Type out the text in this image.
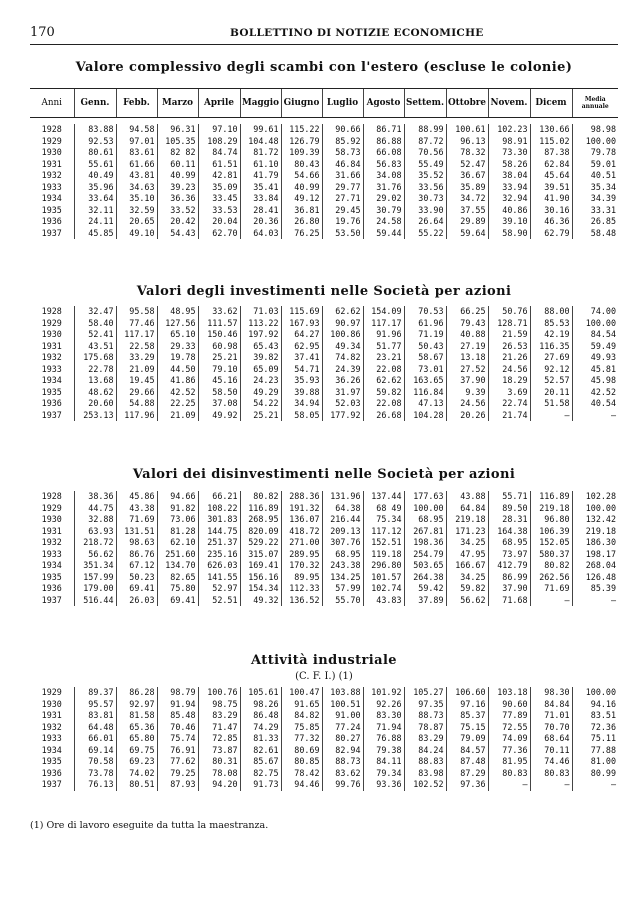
170	BOLLETTINO DI NOTIZIE ECONOMICHE
Valore complessivo degli scambi con l'estero (escluse le colonie)
Anni	Genn.	Febb.	Marzo	Aprile	Maggio	Giugno	Luglio	Agosto	Settem.	Ottobre	Novem.	Dicem	Media
annuale
1928	83.88	94.58	96.31	97.10	99.61	115.22	90.66	86.71	88.99	100.61	102.23	130.66	98.98
1929	92.53	97.01	105.35	108.29	104.48	126.79	85.92	86.88	87.72	96.13	98.91	115.02	100.00
1930	80.61	83.61	82 82	84.74	81.72	109.39	58.73	66.08	70.56	78.32	73.30	87.38	79.78
1931	55.61	61.66	60.11	61.51	61.10	80.43	46.84	56.83	55.49	52.47	58.26	62.84	59.01
1932	40.49	43.81	40.99	42.81	41.79	54.66	31.66	34.08	35.52	36.67	38.04	45.64	40.51
1933	35.96	34.63	39.23	35.09	35.41	40.99	29.77	31.76	33.56	35.89	33.94	39.51	35.34
1934	33.64	35.10	36.36	33.45	33.84	49.12	27.71	29.02	30.73	34.72	32.94	41.90	34.39
1935	32.11	32.59	33.52	33.53	28.41	36.81	29.45	30.79	33.90	37.55	40.86	30.16	33.31
1936	24.11	20.65	20.42	20.04	20.36	26.80	19.76	24.58	26.64	29.89	39.10	46.36	26.85
1937	45.85	49.10	54.43	62.70	64.03	76.25	53.50	59.44	55.22	59.64	58.90	62.79	58.48
Valori degli investimenti nelle Società per azioni
1928	32.47	95.58	48.95	33.62	71.03	115.69	62.62	154.09	70.53	66.25	50.76	88.00	74.00
1929	58.40	77.46	127.56	111.57	113.22	167.93	90.97	117.17	61.96	79.43	128.71	85.53	100.00
1930	52.41	117.17	65.10	150.46	197.92	64.27	100.86	91.96	71.19	40.88	21.59	42.19	84.54
1931	43.51	22.58	29.33	60.98	65.43	62.95	49.34	51.77	50.43	27.19	26.53	116.35	59.49
1932	175.68	33.29	19.78	25.21	39.82	37.41	74.82	23.21	58.67	13.18	21.26	27.69	49.93
1933	22.78	21.09	44.50	79.10	65.09	54.71	24.39	22.08	73.01	27.52	24.56	92.12	45.81
1934	13.68	19.45	41.86	45.16	24.23	35.93	36.26	62.62	163.65	37.90	18.29	52.57	45.98
1935	48.62	29.66	42.52	58.50	49.29	39.88	31.97	59.82	116.84	9.39	3.69	20.11	42.52
1936	20.60	54.88	22.25	37.08	54.22	34.94	52.03	22.08	47.13	24.56	22.74	51.58	40.54
1937	253.13	117.96	21.09	49.92	25.21	58.05	177.92	26.68	104.28	20.26	21.74	—	—
Valori dei disinvestimenti nelle Società per azioni
1928	38.36	45.86	94.66	66.21	80.82	288.36	131.96	137.44	177.63	43.88	55.71	116.89	102.28
1929	44.75	43.38	91.82	108.22	116.89	191.32	64.38	68 49	100.00	64.84	89.50	219.18	100.00
1930	32.88	71.69	73.06	301.83	268.95	136.07	216.44	75.34	68.95	219.18	28.31	96.80	132.42
1931	63.93	131.51	81.28	144.75	820.09	418.72	209.13	117.12	267.81	171.23	164.38	106.39	219.18
1932	218.72	98.63	62.10	251.37	529.22	271.00	307.76	152.51	198.36	34.25	68.95	152.05	186.30
1933	56.62	86.76	251.60	235.16	315.07	289.95	68.95	119.18	254.79	47.95	73.97	580.37	198.17
1934	351.34	67.12	134.70	626.03	169.41	170.32	243.38	296.80	503.65	166.67	412.79	80.82	268.04
1935	157.99	50.23	82.65	141.55	156.16	89.95	134.25	101.57	264.38	34.25	86.99	262.56	126.48
1936	179.00	69.41	75.80	52.97	154.34	112.33	57.99	102.74	59.42	59.82	37.90	71.69	85.39
1937	516.44	26.03	69.41	52.51	49.32	136.52	55.70	43.83	37.89	56.62	71.68	—	—
Attività industriale
(C. F. I.) (1)
1929	89.37	86.28	98.79	100.76	105.61	100.47	103.88	101.92	105.27	106.60	103.18	98.30	100.00
1930	95.57	92.97	91.94	98.75	98.26	91.65	100.51	92.26	97.35	97.16	90.60	84.84	94.16
1931	83.81	81.58	85.48	83.29	86.48	84.82	91.00	83.30	88.73	85.37	77.89	71.01	83.51
1932	64.48	65.36	70.46	71.47	74.29	75.85	77.24	71.94	78.87	75.15	72.55	70.70	72.36
1933	66.01	65.80	75.74	72.85	81.33	77.32	80.27	76.88	83.29	79.09	74.09	68.64	75.11
1934	69.14	69.75	76.91	73.87	82.61	80.69	82.94	79.38	84.24	84.57	77.36	70.11	77.88
1935	70.58	69.23	77.62	80.31	85.67	80.85	88.73	84.11	88.83	87.48	81.95	74.46	81.00
1936	73.78	74.02	79.25	78.08	82.75	78.42	83.62	79.34	83.98	87.29	80.83	80.83	80.99
1937	76.13	80.51	87.93	94.20	91.73	94.46	99.76	93.36	102.52	97.36	—	—	—
(1) Ore di lavoro eseguite da tutta la maestranza.
